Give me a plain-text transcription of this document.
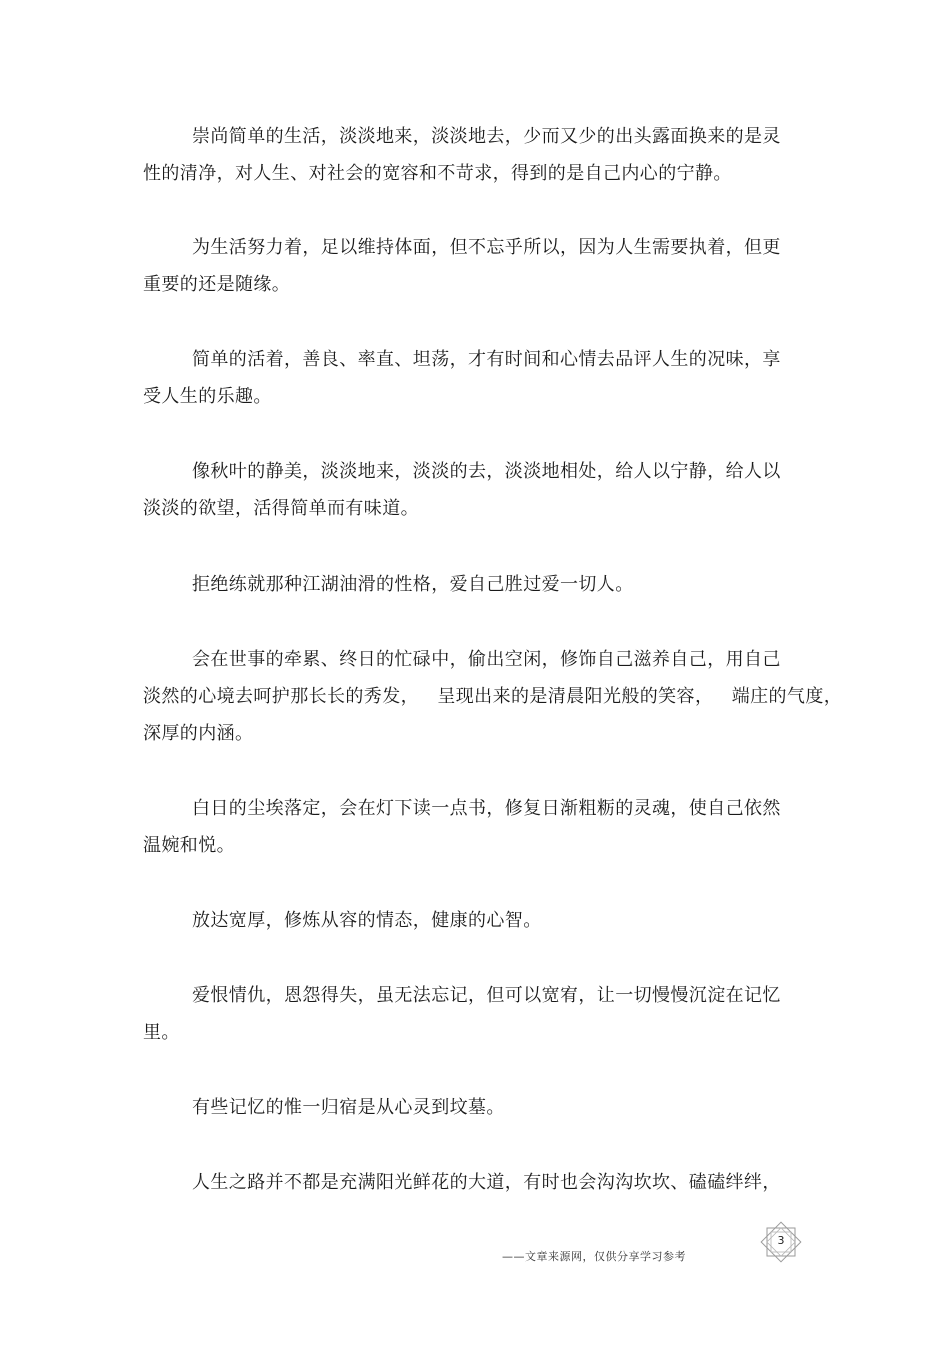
崇尚简单的生活，淡淡地来，淡淡地去，少而又少的出头露面换来的是灵
性的清净，对人生、对社会的宽容和不苛求，得到的是自己内心的宁静。
为生活努力着，足以维持体面，但不忘乎所以，因为人生需要执着，但更
重要的还是随缘。
简单的活着，善良、率直、坦荡，才有时间和心情去品评人生的况味，享
受人生的乐趣。
像秋叶的静美，淡淡地来，淡淡的去，淡淡地相处，给人以宁静，给人以
淡淡的欲望，活得简单而有味道。
拒绝练就那种江湖油滑的性格，爱自己胜过爱一切人。
会在世事的牵累、终日的忙碌中，偷出空闲，修饰自己滋养自己，用自己
淡然的心境去呵护那长长的秀发，   呈现出来的是清晨阳光般的笑容，   端庄的气度，
深厚的内涵。
白日的尘埃落定，会在灯下读一点书，修复日渐粗粝的灵魂，使自己依然
温婉和悦。
放达宽厚，修炼从容的情态，健康的心智。
爱恨情仇，恩怨得失，虽无法忘记，但可以宽宥，让一切慢慢沉淀在记忆
里。
有些记忆的惟一归宿是从心灵到坟墓。
人生之路并不都是充满阳光鲜花的大道，有时也会沟沟坎坎、磕磕绊绊，
——文章来源网，仅供分享学习参考
3
